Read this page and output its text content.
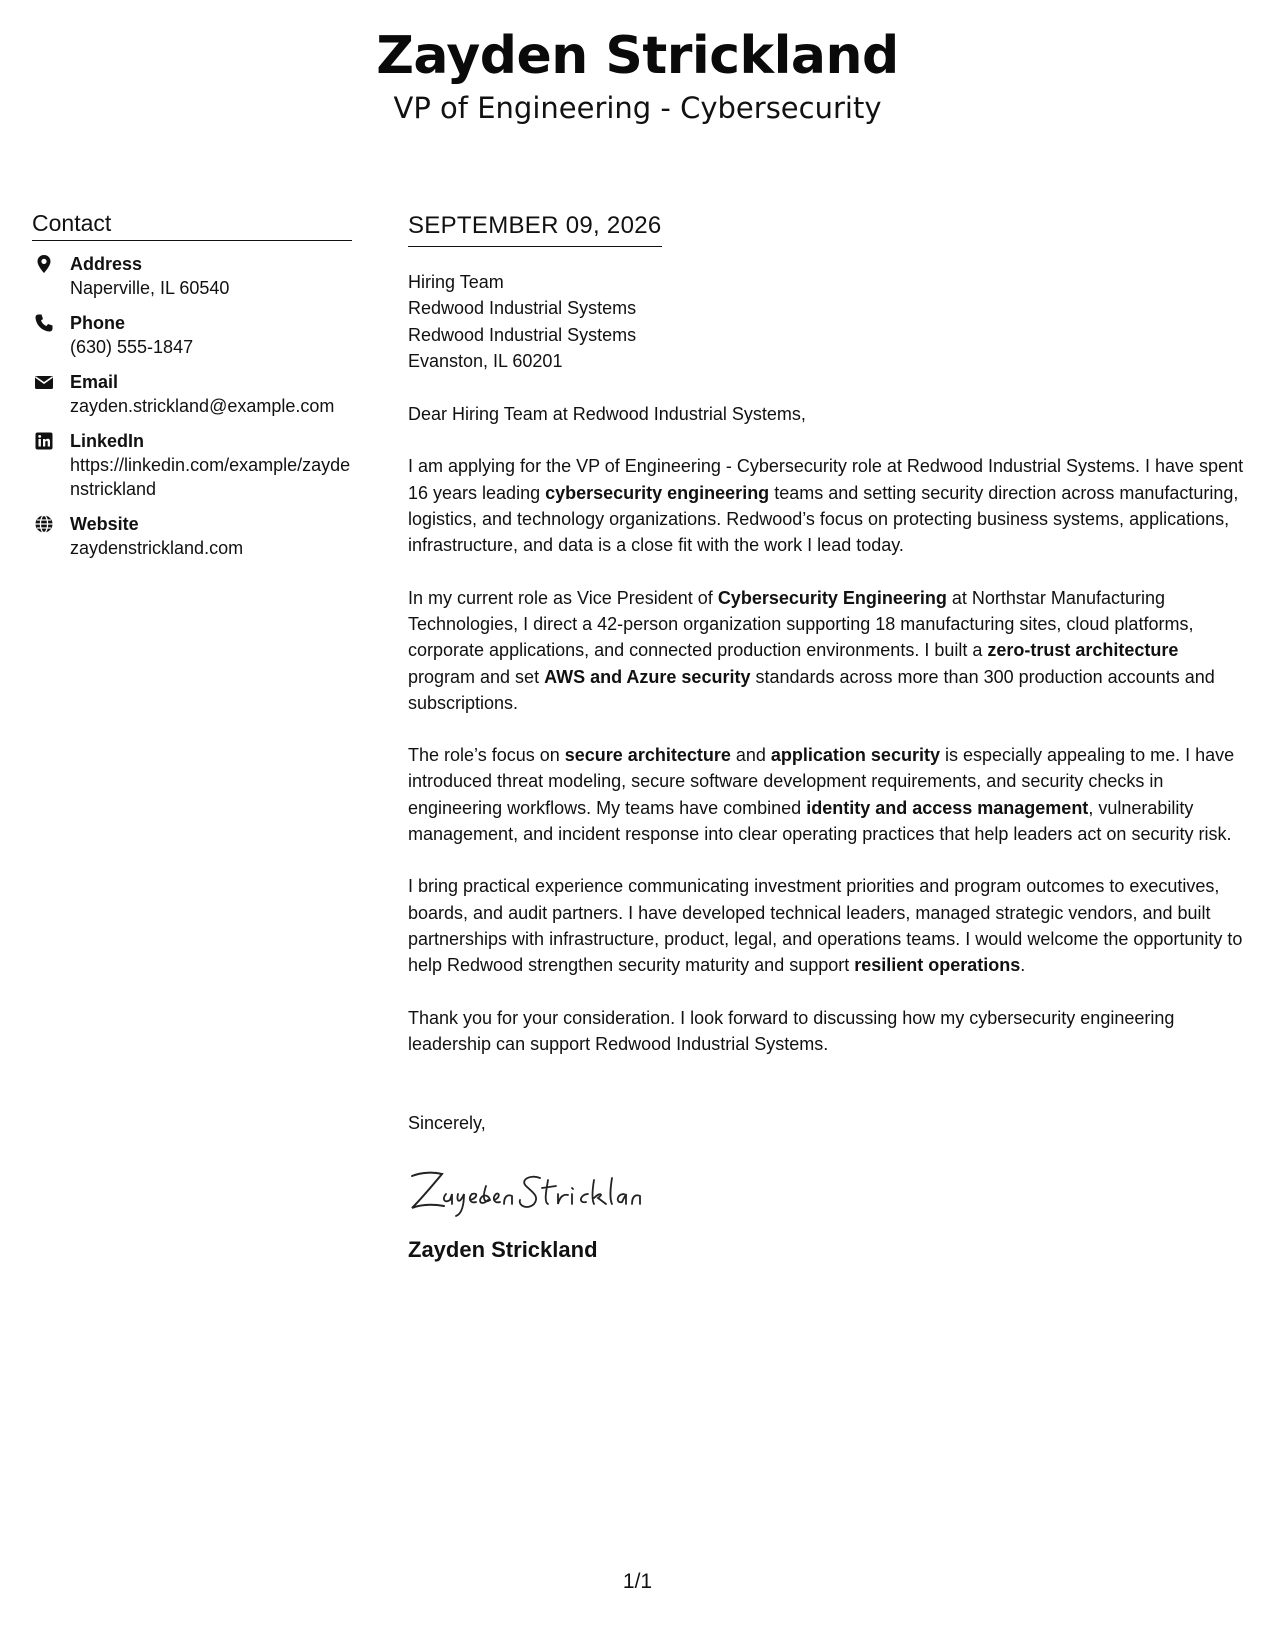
Zayden Strickland
VP of Engineering - Cybersecurity
Contact
Address
Naperville, IL 60540
Phone
(630) 555-1847
Email
zayden.strickland@example.com
LinkedIn
https://linkedin.com/example/zaydenstrickland
Website
zaydenstrickland.com
SEPTEMBER 09, 2026
Hiring Team
Redwood Industrial Systems
Redwood Industrial Systems
Evanston, IL 60201
Dear Hiring Team at Redwood Industrial Systems,

I am applying for the VP of Engineering - Cybersecurity role at Redwood Industrial Systems. I have spent 16 years leading cybersecurity engineering teams and setting security direction across manufacturing, logistics, and technology organizations. Redwood’s focus on protecting business systems, applications, infrastructure, and data is a close fit with the work I lead today.

In my current role as Vice President of Cybersecurity Engineering at Northstar Manufacturing Technologies, I direct a 42-person organization supporting 18 manufacturing sites, cloud platforms, corporate applications, and connected production environments. I built a zero-trust architecture program and set AWS and Azure security standards across more than 300 production accounts and subscriptions.

The role’s focus on secure architecture and application security is especially appealing to me. I have introduced threat modeling, secure software development requirements, and security checks in engineering workflows. My teams have combined identity and access management, vulnerability management, and incident response into clear operating practices that help leaders act on security risk.

I bring practical experience communicating investment priorities and program outcomes to executives, boards, and audit partners. I have developed technical leaders, managed strategic vendors, and built partnerships with infrastructure, product, legal, and operations teams. I would welcome the opportunity to help Redwood strengthen security maturity and support resilient operations.

Thank you for your consideration. I look forward to discussing how my cybersecurity engineering leadership can support Redwood Industrial Systems.

Sincerely,
Zayden Strickland
1/1
